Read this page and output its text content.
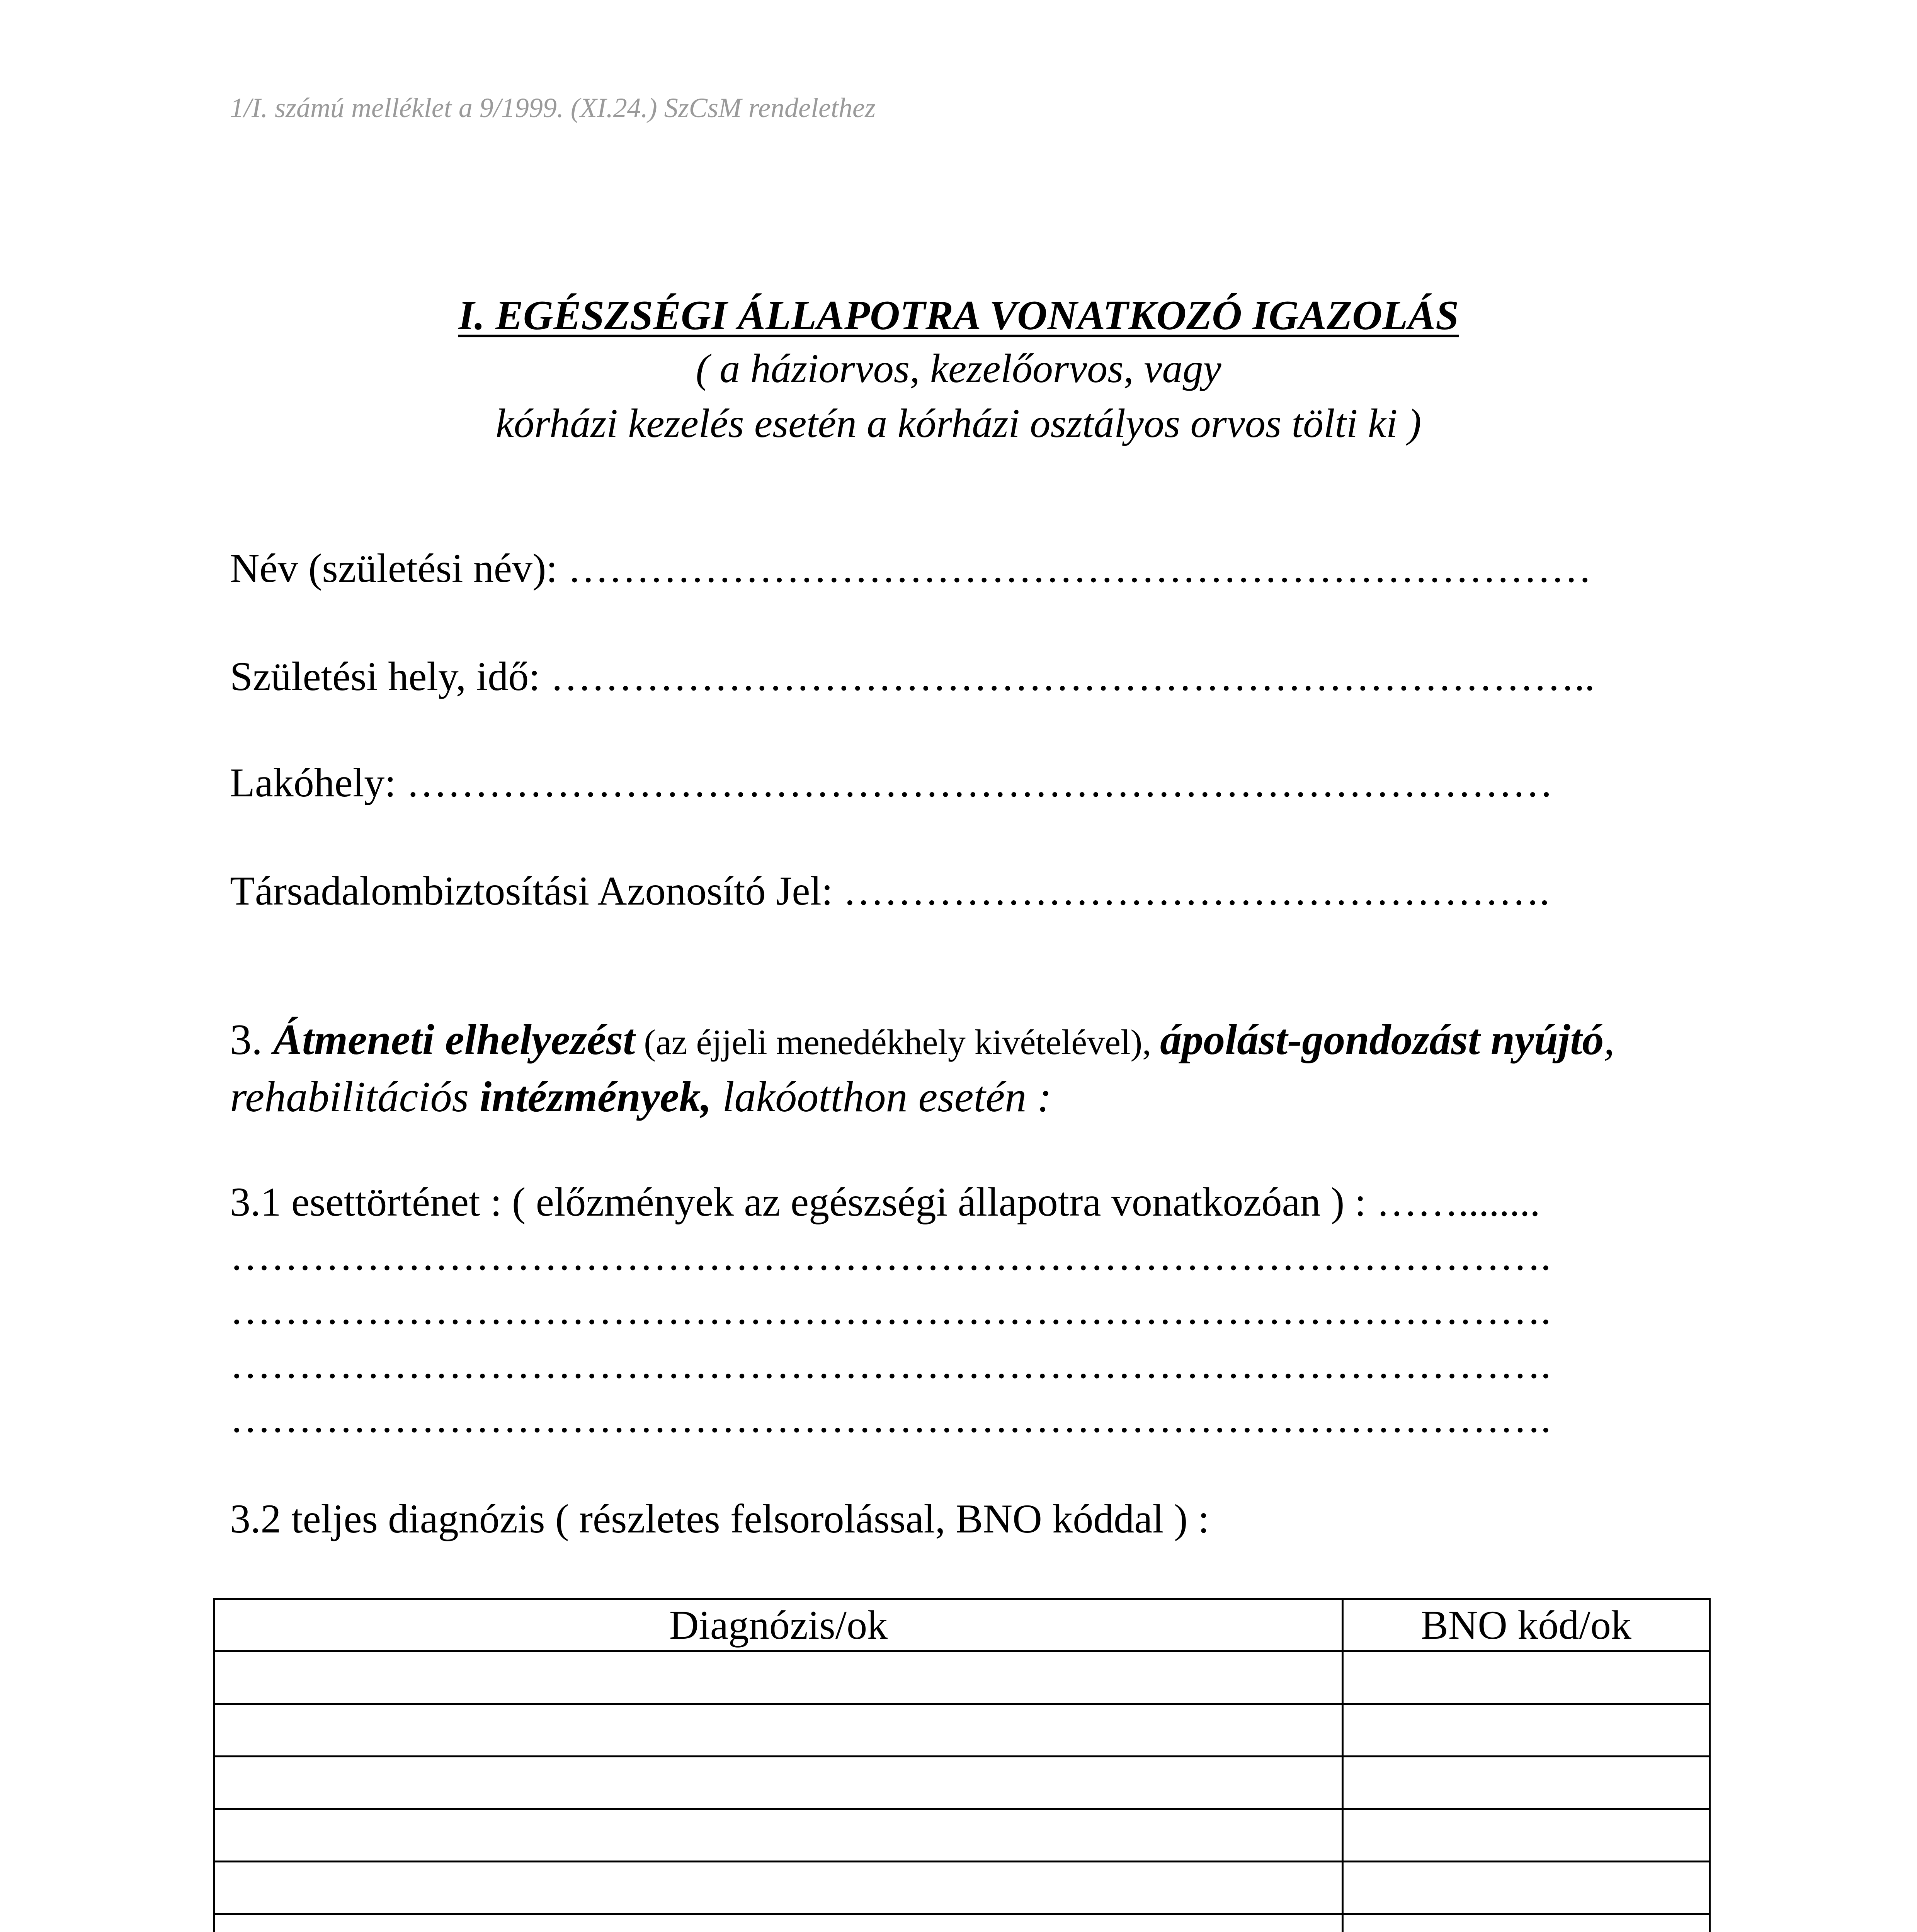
1/I. számú melléklet a 9/1999. (XI.24.) SzCsM rendelethez
I. EGÉSZSÉGI ÁLLAPOTRA VONATKOZÓ IGAZOLÁS
( a háziorvos, kezelőorvos, vagy
kórházi kezelés esetén a kórházi osztályos orvos tölti ki )
Név (születési név): …………………………………………………………………
Születési hely, idő: …………………………………………………………………..
Lakóhely: …………………………………………………………………………
Társadalombiztosítási Azonosító Jel: …………………………………………….
3. Átmeneti elhelyezést (az éjjeli menedékhely kivételével), ápolást-gondozást nyújtó, rehabilitációs intézmények, lakóotthon esetén :
3.1 esettörténet : ( előzmények az egészségi állapotra vonatkozóan ) : ……........
…………………………………………………………………………………….
…………………………………………………………………………………….
…………………………………………………………………………………….
…………………………………………………………………………………….
3.2 teljes diagnózis ( részletes felsorolással, BNO kóddal ) :
Diagnózis/ok	BNO kód/ok
